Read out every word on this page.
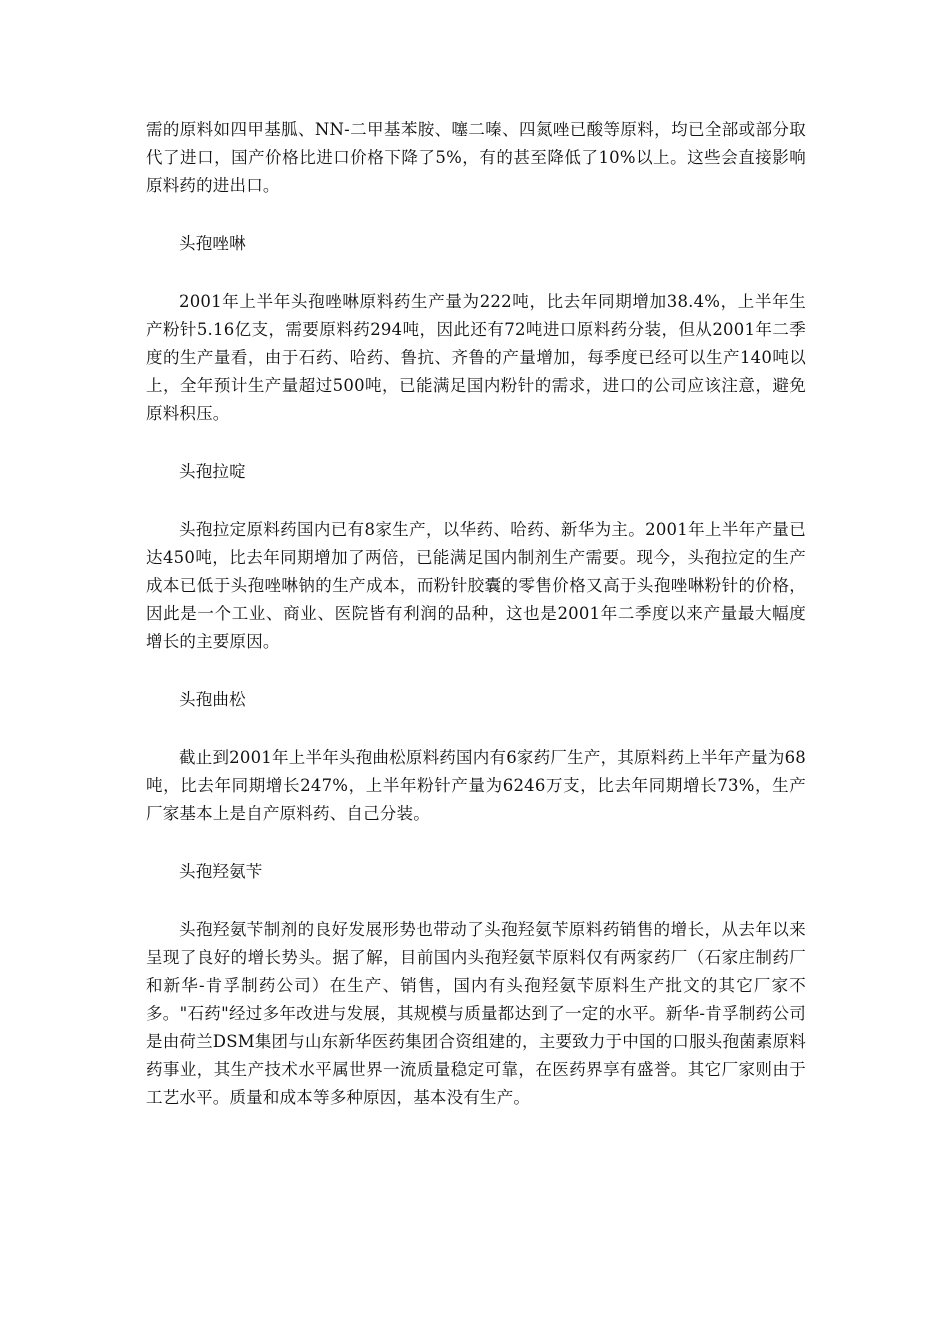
需的原料如四甲基胍、NN-二甲基苯胺、噻二嗪、四氮唑已酸等原料，均已全部或部分取代了进口，国产价格比进口价格下降了5%，有的甚至降低了10%以上。这些会直接影响原料药的进出口。

头孢唑啉

2001年上半年头孢唑啉原料药生产量为222吨，比去年同期增加38.4%，上半年生产粉针5.16亿支，需要原料药294吨，因此还有72吨进口原料药分装，但从2001年二季度的生产量看，由于石药、哈药、鲁抗、齐鲁的产量增加，每季度已经可以生产140吨以上，全年预计生产量超过500吨，已能满足国内粉针的需求，进口的公司应该注意，避免原料积压。

头孢拉啶

头孢拉定原料药国内已有8家生产，以华药、哈药、新华为主。2001年上半年产量已达450吨，比去年同期增加了两倍，已能满足国内制剂生产需要。现今，头孢拉定的生产成本已低于头孢唑啉钠的生产成本，而粉针胶囊的零售价格又高于头孢唑啉粉针的价格，因此是一个工业、商业、医院皆有利润的品种，这也是2001年二季度以来产量最大幅度增长的主要原因。

头孢曲松

截止到2001年上半年头孢曲松原料药国内有6家药厂生产，其原料药上半年产量为68吨，比去年同期增长247%，上半年粉针产量为6246万支，比去年同期增长73%，生产厂家基本上是自产原料药、自己分装。

头孢羟氨苄

头孢羟氨苄制剂的良好发展形势也带动了头孢羟氨苄原料药销售的增长，从去年以来呈现了良好的增长势头。据了解，目前国内头孢羟氨苄原料仅有两家药厂（石家庄制药厂和新华-肯孚制药公司）在生产、销售，国内有头孢羟氨苄原料生产批文的其它厂家不多。"石药"经过多年改进与发展，其规模与质量都达到了一定的水平。新华-肯孚制药公司是由荷兰DSM集团与山东新华医药集团合资组建的，主要致力于中国的口服头孢菌素原料药事业，其生产技术水平属世界一流质量稳定可靠，在医药界享有盛誉。其它厂家则由于工艺水平。质量和成本等多种原因，基本没有生产。
